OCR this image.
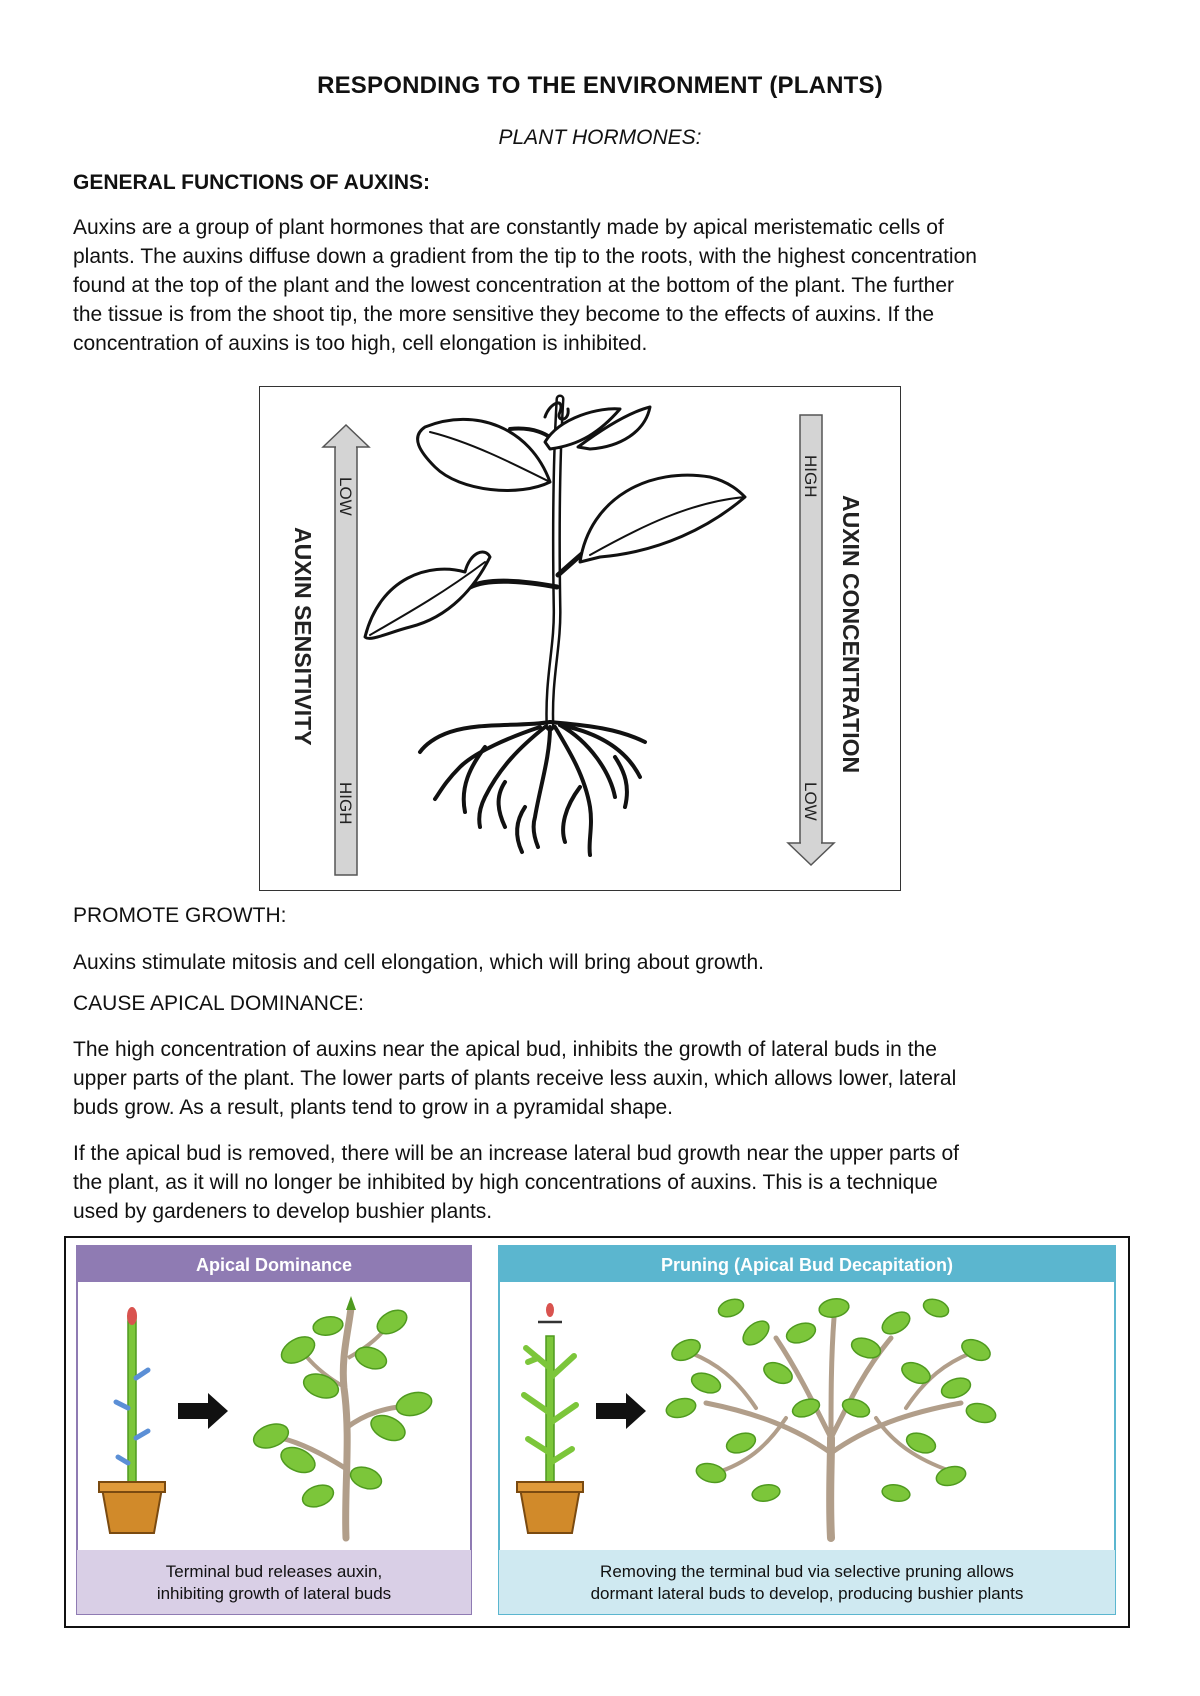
RESPONDING TO THE ENVIRONMENT (PLANTS)
PLANT HORMONES:
GENERAL FUNCTIONS OF AUXINS:
Auxins are a group of plant hormones that are constantly made by apical meristematic cells of
plants. The auxins diffuse down a gradient from the tip to the roots, with the highest concentration
found at the top of the plant and the lowest concentration at the bottom of the plant. The further
the tissue is from the shoot tip, the more sensitive they become to the effects of auxins. If the
concentration of auxins is too high, cell elongation is inhibited.
LOW
HIGH
AUXIN SENSITIVITY
HIGH
LOW
AUXIN CONCENTRATION
PROMOTE GROWTH:
Auxins stimulate mitosis and cell elongation, which will bring about growth.
CAUSE APICAL DOMINANCE:
The high concentration of auxins near the apical bud, inhibits the growth of lateral buds in the
upper parts of the plant. The lower parts of plants receive less auxin, which allows lower, lateral
buds grow. As a result, plants tend to grow in a pyramidal shape.
If the apical bud is removed, there will be an increase lateral bud growth near the upper parts of
the plant, as it will no longer be inhibited by high concentrations of auxins. This is a technique
used by gardeners to develop bushier plants.
Apical Dominance
Terminal bud releases auxin,
inhibiting growth of lateral buds
Pruning (Apical Bud Decapitation)
Removing the terminal bud via selective pruning allows
dormant lateral buds to develop, producing bushier plants
